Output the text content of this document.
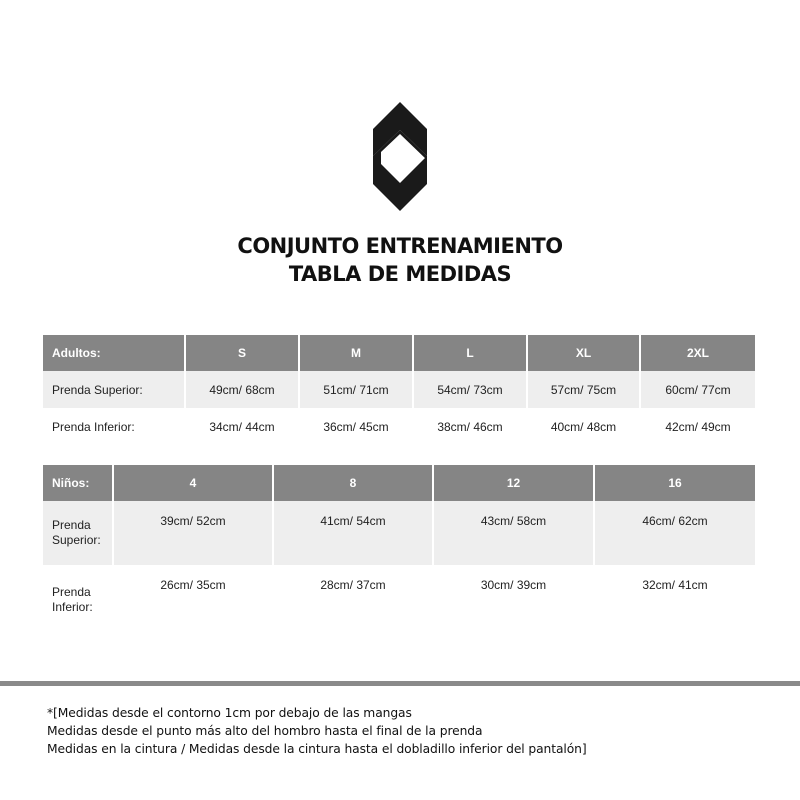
CONJUNTO ENTRENAMIENTO
TABLA DE MEDIDAS
Adultos:	S	M	L	XL	2XL
Prenda Superior:	49cm/ 68cm	51cm/ 71cm	54cm/ 73cm	57cm/ 75cm	60cm/ 77cm
Prenda Inferior:	34cm/ 44cm	36cm/ 45cm	38cm/ 46cm	40cm/ 48cm	42cm/ 49cm
Niños:	4	8	12	16
Prenda
Superior:	39cm/ 52cm	41cm/ 54cm	43cm/ 58cm	46cm/ 62cm
Prenda
Inferior:	26cm/ 35cm	28cm/ 37cm	30cm/ 39cm	32cm/ 41cm
*[Medidas desde el contorno 1cm por debajo de las mangas
Medidas desde el punto más alto del hombro hasta el final de la prenda
Medidas en la cintura / Medidas desde la cintura hasta el dobladillo inferior del pantalón]
